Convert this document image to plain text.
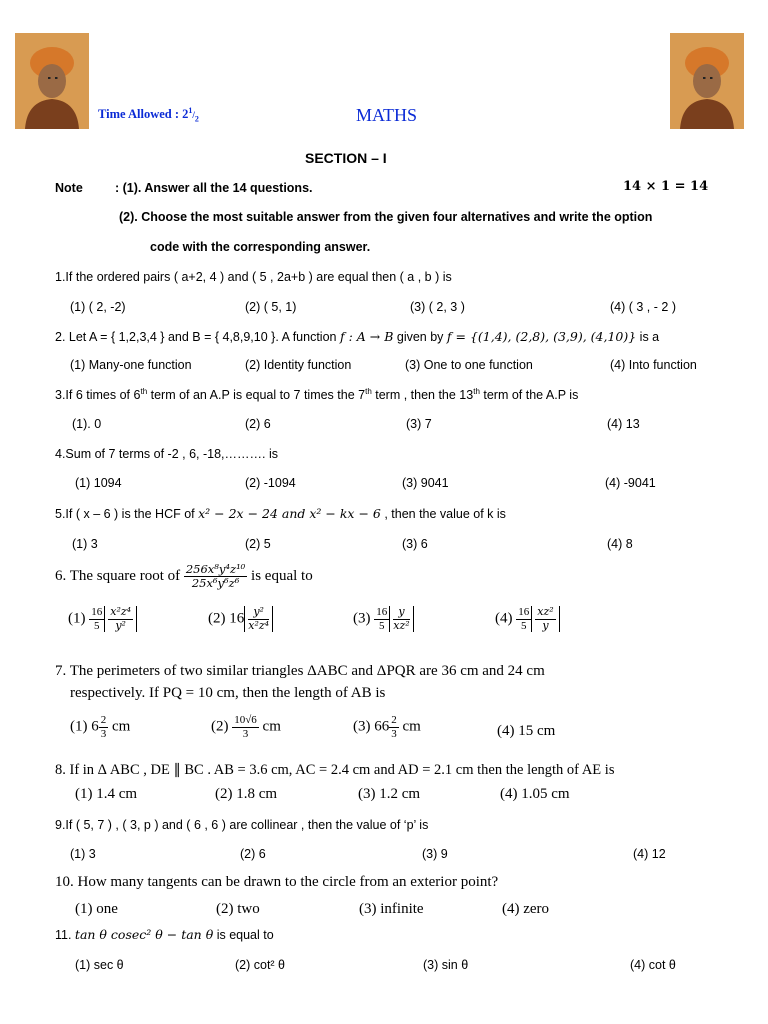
Time Allowed : $2^1/_2$	MATHS
SECTION – I
Note	: (1). Answer all the 14 questions.	14 × 1 = 14
(2). Choose the most suitable answer from the given four alternatives and write the option
code with the corresponding answer.
1.If the ordered pairs ( a+2, 4 ) and ( 5 , 2a+b ) are equal then ( a , b ) is
(1) ( 2, -2)	(2) ( 5, 1)	(3) ( 2, 3 )	(4) ( 3 , - 2 )
2. Let A = { 1,2,3,4 } and B = { 4,8,9,10 }. A function f : A → B given by f = {(1,4), (2,8), (3,9), (4,10)} is a
(1) Many-one function	(2) Identity function	(3) One to one function	(4) Into function
3.If 6 times of 6th term of an A.P is equal to 7 times the 7th term , then the 13th term of the A.P is
(1). 0	(2) 6	(3) 7	(4) 13
4.Sum of 7 terms of -2 , 6, -18,………. is
(1) 1094	(2) -1094	(3) 9041	(4) -9041
5.If ( x – 6 ) is the HCF of x² − 2x − 24 and x² − kx − 6 , then the value of k is
(1) 3	(2) 5	(3) 6	(4) 8
6. The square root of $\frac{\text{256x⁸y⁴z¹⁰}}{\text{25x⁶y⁶z⁶}}$ is equal to
$(1) \frac{16}{5} \frac{\text{x²z⁴}}{\text{y²}}$	(2) $16 \frac{\text{y²}}{\text{x²z⁴}}$	$(3) \frac{16}{5} \frac{y}{\text{xz²}}$	$(4) \frac{16}{5} \frac{\text{xz²}}{y}$
7. The perimeters of two similar triangles ΔABC and ΔPQR are 36 cm and 24 cm
respectively. If PQ = 10 cm, then the length of AB is
(1) $6 \frac{2}{3}$ cm	$(2) \frac{10√6}{3}$ cm	(3) $66 \frac{2}{3}$ cm	(4) 15 cm
8. If in Δ ABC , DE ∥ BC . AB = 3.6 cm, AC = 2.4 cm and AD = 2.1 cm then the length of AE is
(1) 1.4 cm	(2) 1.8 cm	(3) 1.2 cm	(4) 1.05 cm
9.If ( 5, 7 ) , ( 3, p ) and ( 6 , 6 ) are collinear , then the value of ‘p’ is
(1) 3	(2) 6	(3) 9	(4) 12
10. How many tangents can be drawn to the circle from an exterior point?
(1) one	(2) two	(3) infinite	(4) zero
11. tan θ cosec² θ − tan θ is equal to
(1) sec θ	(2) cot² θ	(3) sin θ	(4) cot θ
